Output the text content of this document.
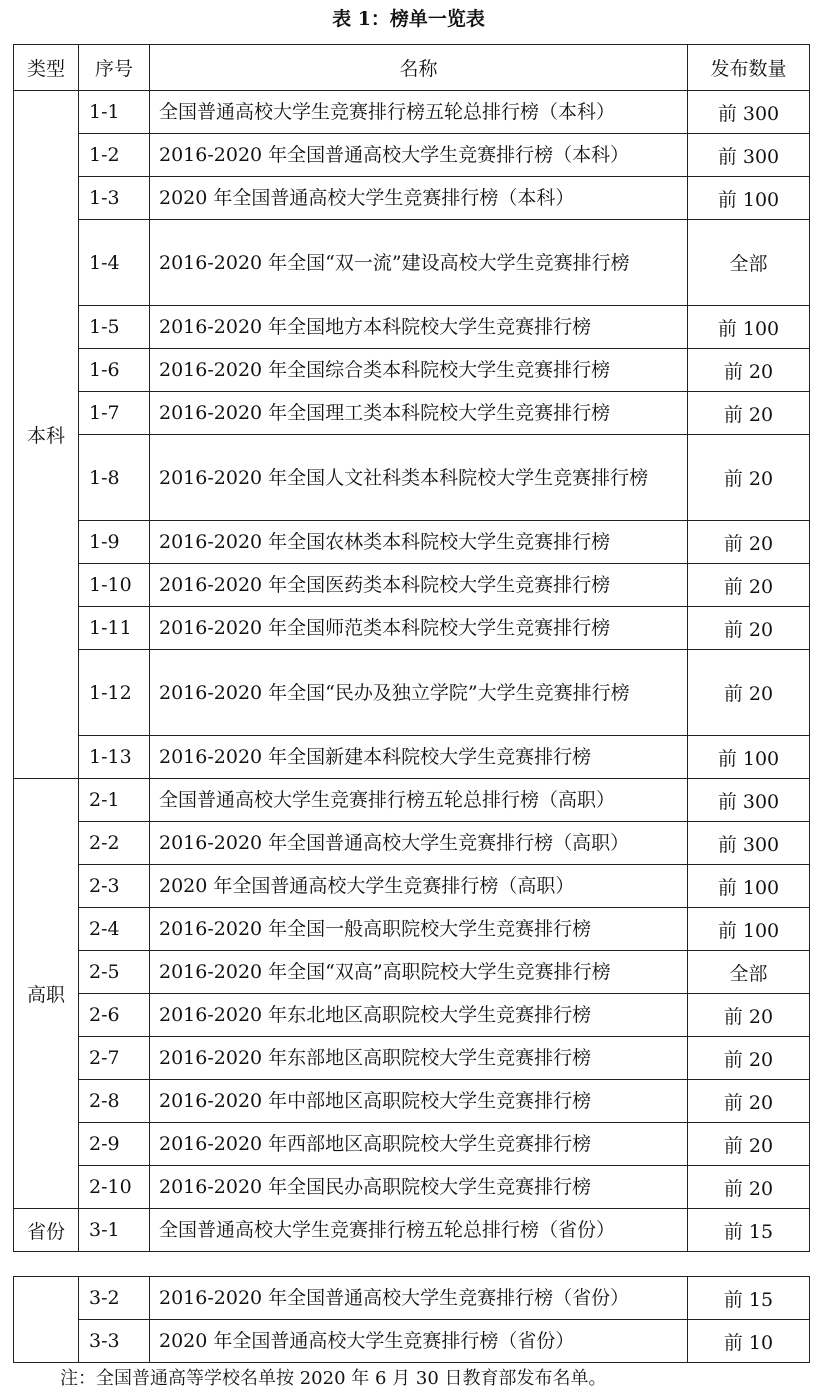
表 1：榜单一览表
类型	序号	名称	发布数量
本科	1-1	全国普通高校大学生竞赛排行榜五轮总排行榜（本科）	前 300
	1-2	2016-2020 年全国普通高校大学生竞赛排行榜（本科）	前 300
	1-3	2020 年全国普通高校大学生竞赛排行榜（本科）	前 100
	1-4	2016-2020 年全国“双一流”建设高校大学生竞赛排行榜	全部
	1-5	2016-2020 年全国地方本科院校大学生竞赛排行榜	前 100
	1-6	2016-2020 年全国综合类本科院校大学生竞赛排行榜	前 20
	1-7	2016-2020 年全国理工类本科院校大学生竞赛排行榜	前 20
	1-8	2016-2020 年全国人文社科类本科院校大学生竞赛排行榜	前 20
	1-9	2016-2020 年全国农林类本科院校大学生竞赛排行榜	前 20
	1-10	2016-2020 年全国医药类本科院校大学生竞赛排行榜	前 20
	1-11	2016-2020 年全国师范类本科院校大学生竞赛排行榜	前 20
	1-12	2016-2020 年全国“民办及独立学院”大学生竞赛排行榜	前 20
	1-13	2016-2020 年全国新建本科院校大学生竞赛排行榜	前 100
高职	2-1	全国普通高校大学生竞赛排行榜五轮总排行榜（高职）	前 300
	2-2	2016-2020 年全国普通高校大学生竞赛排行榜（高职）	前 300
	2-3	2020 年全国普通高校大学生竞赛排行榜（高职）	前 100
	2-4	2016-2020 年全国一般高职院校大学生竞赛排行榜	前 100
	2-5	2016-2020 年全国“双高”高职院校大学生竞赛排行榜	全部
	2-6	2016-2020 年东北地区高职院校大学生竞赛排行榜	前 20
	2-7	2016-2020 年东部地区高职院校大学生竞赛排行榜	前 20
	2-8	2016-2020 年中部地区高职院校大学生竞赛排行榜	前 20
	2-9	2016-2020 年西部地区高职院校大学生竞赛排行榜	前 20
	2-10	2016-2020 年全国民办高职院校大学生竞赛排行榜	前 20
省份	3-1	全国普通高校大学生竞赛排行榜五轮总排行榜（省份）	前 15
	3-2	2016-2020 年全国普通高校大学生竞赛排行榜（省份）	前 15
	3-3	2020 年全国普通高校大学生竞赛排行榜（省份）	前 10
注：全国普通高等学校名单按 2020 年 6 月 30 日教育部发布名单。
